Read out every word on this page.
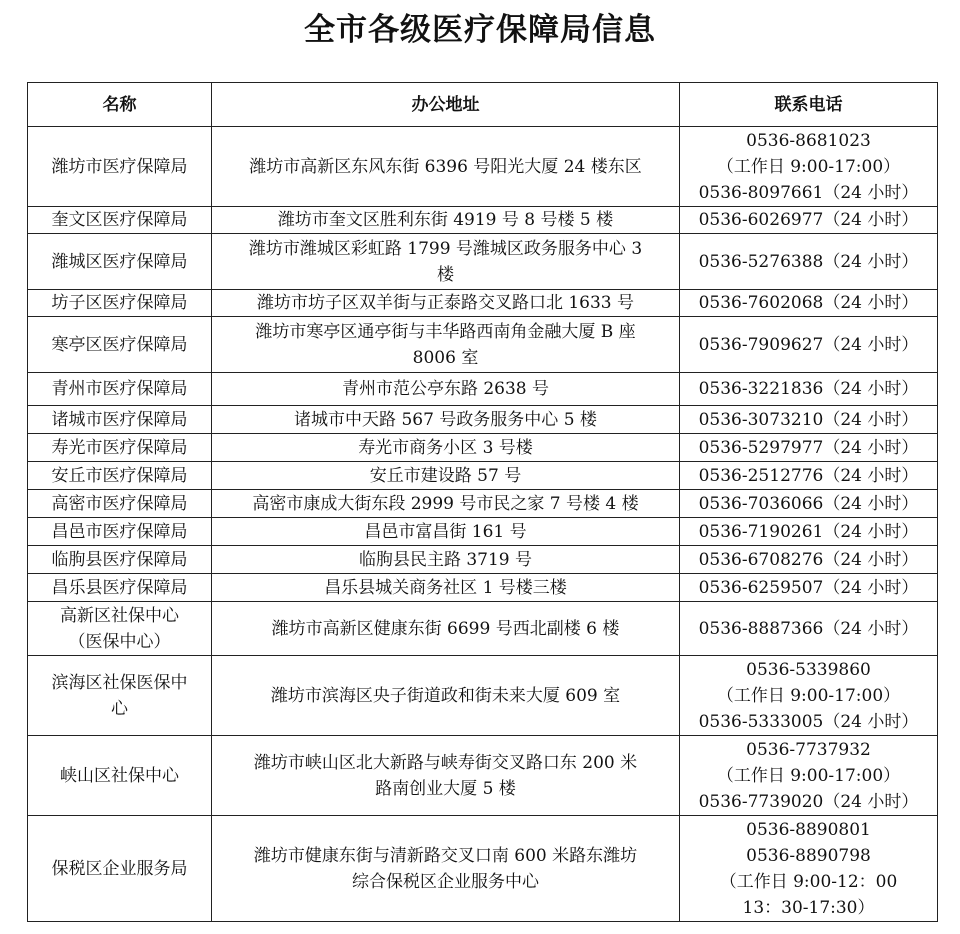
全市各级医疗保障局信息
名称	办公地址	联系电话

潍坊市医疗保障局	潍坊市高新区东风东街 6396 号阳光大厦 24 楼东区	0536-8681023
（工作日 9:00-17:00）
0536-8097661（24 小时）

奎文区医疗保障局	潍坊市奎文区胜利东街 4919 号 8 号楼 5 楼	0536-6026977（24 小时）

潍城区医疗保障局	潍坊市潍城区彩虹路 1799 号潍城区政务服务中心 3
楼	0536-5276388（24 小时）

坊子区医疗保障局	潍坊市坊子区双羊街与正泰路交叉路口北 1633 号	0536-7602068（24 小时）

寒亭区医疗保障局	潍坊市寒亭区通亭街与丰华路西南角金融大厦 B 座
8006 室	0536-7909627（24 小时）

青州市医疗保障局	青州市范公亭东路 2638 号	0536-3221836（24 小时）

诸城市医疗保障局	诸城市中天路 567 号政务服务中心 5 楼	0536-3073210（24 小时）

寿光市医疗保障局	寿光市商务小区 3 号楼	0536-5297977（24 小时）

安丘市医疗保障局	安丘市建设路 57 号	0536-2512776（24 小时）

高密市医疗保障局	高密市康成大街东段 2999 号市民之家 7 号楼 4 楼	0536-7036066（24 小时）

昌邑市医疗保障局	昌邑市富昌街 161 号	0536-7190261（24 小时）

临朐县医疗保障局	临朐县民主路 3719 号	0536-6708276（24 小时）

昌乐县医疗保障局	昌乐县城关商务社区 1 号楼三楼	0536-6259507（24 小时）

高新区社保中心
（医保中心）	潍坊市高新区健康东街 6699 号西北副楼 6 楼	0536-8887366（24 小时）

滨海区社保医保中
心	潍坊市滨海区央子街道政和街未来大厦 609 室	0536-5339860
（工作日 9:00-17:00）
0536-5333005（24 小时）

峡山区社保中心	潍坊市峡山区北大新路与峡寿街交叉路口东 200 米
路南创业大厦 5 楼	0536-7737932
（工作日 9:00-17:00）
0536-7739020（24 小时）

保税区企业服务局	潍坊市健康东街与清新路交叉口南 600 米路东潍坊
综合保税区企业服务中心	0536-8890801
0536-8890798
（工作日 9:00-12：00
13：30-17:30）
